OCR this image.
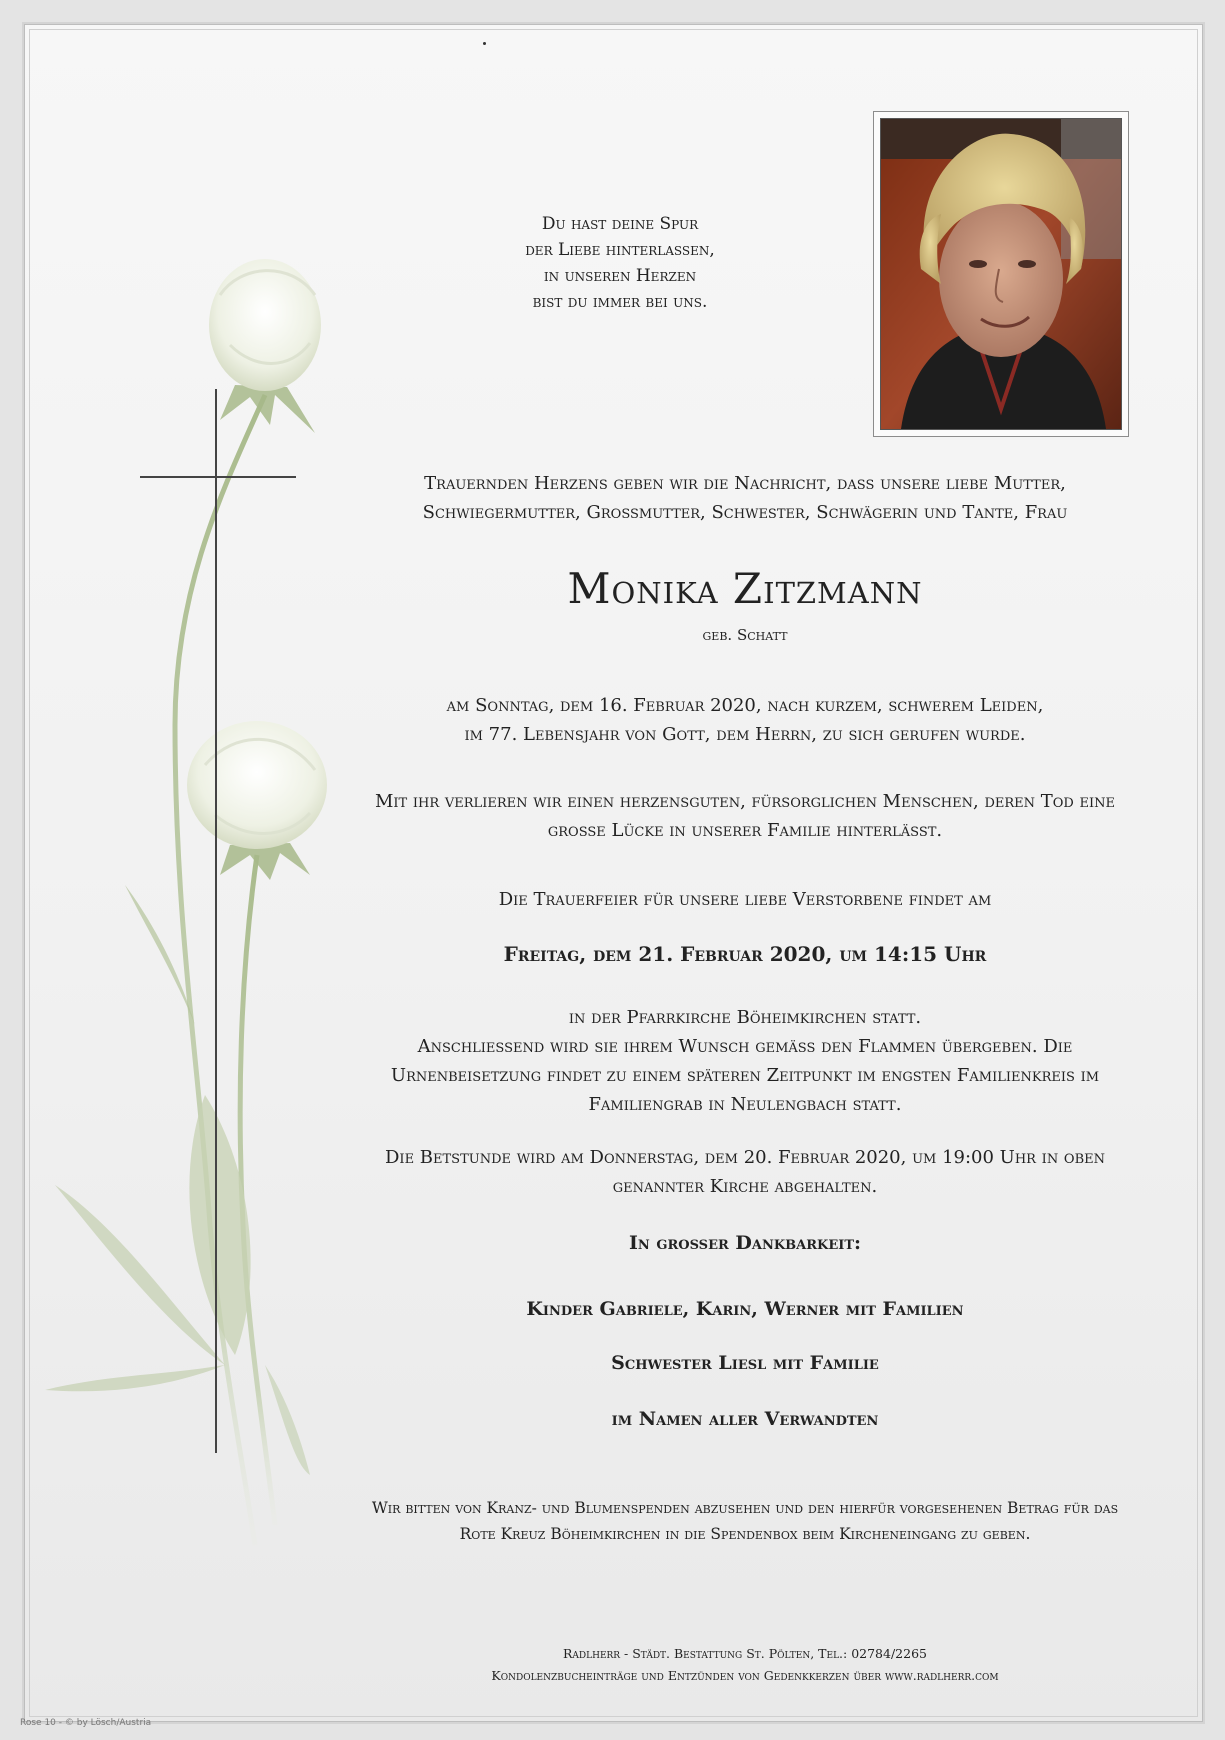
Du hast deine Spur
der Liebe hinterlassen,
in unseren Herzen
bist du immer bei uns.
Trauernden Herzens geben wir die Nachricht, dass unsere liebe Mutter,
Schwiegermutter, Großmutter, Schwester, Schwägerin und Tante, Frau
Monika Zitzmann
geb. Schatt
am Sonntag, dem 16. Februar 2020, nach kurzem, schwerem Leiden,
im 77. Lebensjahr von Gott, dem Herrn, zu sich gerufen wurde.
Mit ihr verlieren wir einen herzensguten, fürsorglichen Menschen, deren Tod eine
große Lücke in unserer Familie hinterlässt.
Die Trauerfeier für unsere liebe Verstorbene findet am
Freitag, dem 21. Februar 2020, um 14:15 Uhr
in der Pfarrkirche Böheimkirchen statt.
Anschließend wird sie ihrem Wunsch gemäß den Flammen übergeben. Die
Urnenbeisetzung findet zu einem späteren Zeitpunkt im engsten Familienkreis im
Familiengrab in Neulengbach statt.
Die Betstunde wird am Donnerstag, dem 20. Februar 2020, um 19:00 Uhr in oben
genannter Kirche abgehalten.
In großer Dankbarkeit:
Kinder Gabriele, Karin, Werner mit Familien
Schwester Liesl mit Familie
im Namen aller Verwandten
Wir bitten von Kranz- und Blumenspenden abzusehen und den hierfür vorgesehenen Betrag für das
Rote Kreuz Böheimkirchen in die Spendenbox beim Kircheneingang zu geben.
Radlherr - Städt. Bestattung St. Pölten, Tel.: 02784/2265
Kondolenzbucheinträge und Entzünden von Gedenkkerzen über www.radlherr.com
Rose 10 - © by Lösch/Austria
